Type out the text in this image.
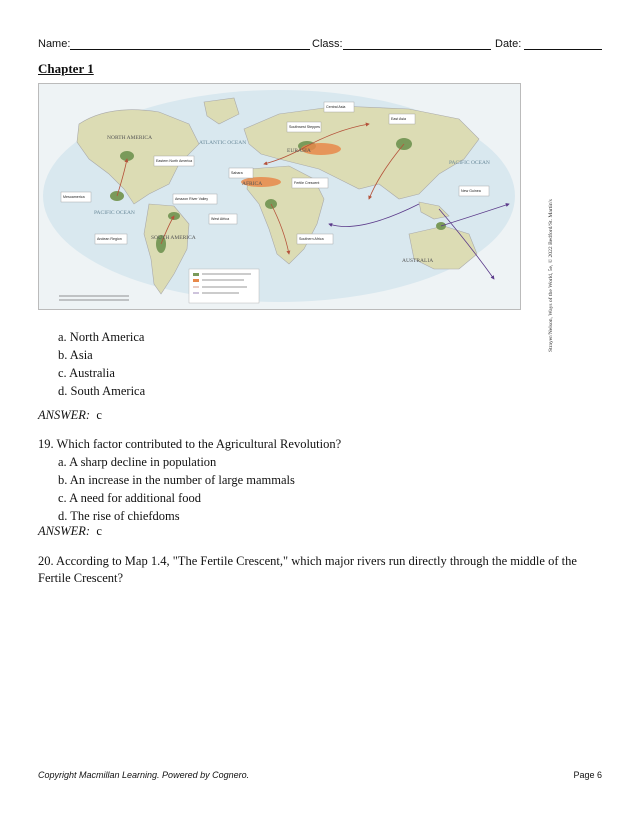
Name:	Class:	Date:
Chapter 1
NORTH AMERICA
SOUTH AMERICA
ATLANTIC OCEAN
PACIFIC OCEAN
PACIFIC OCEAN
EURASIA
AFRICA
AUSTRALIA
Central Asia
Southwest Steppes
East Asia
Eastern North America
Mesoamerica
Andean Region
Amazon River Valley
Sahara
Fertile Crescent
West Africa
Southern Africa
New Guinea
Strayer/Nelson, Ways of the World, 5e, © 2022 Bedford/St. Martin's
a. North America
b. Asia
c. Australia
d. South America
ANSWER: c
19. Which factor contributed to the Agricultural Revolution?
a. A sharp decline in population
b. An increase in the number of large mammals
c. A need for additional food
d. The rise of chiefdoms
ANSWER: c
20. According to Map 1.4, "The Fertile Crescent," which major rivers run directly through the middle of the Fertile Crescent?
Copyright Macmillan Learning. Powered by Cognero.	Page 6
